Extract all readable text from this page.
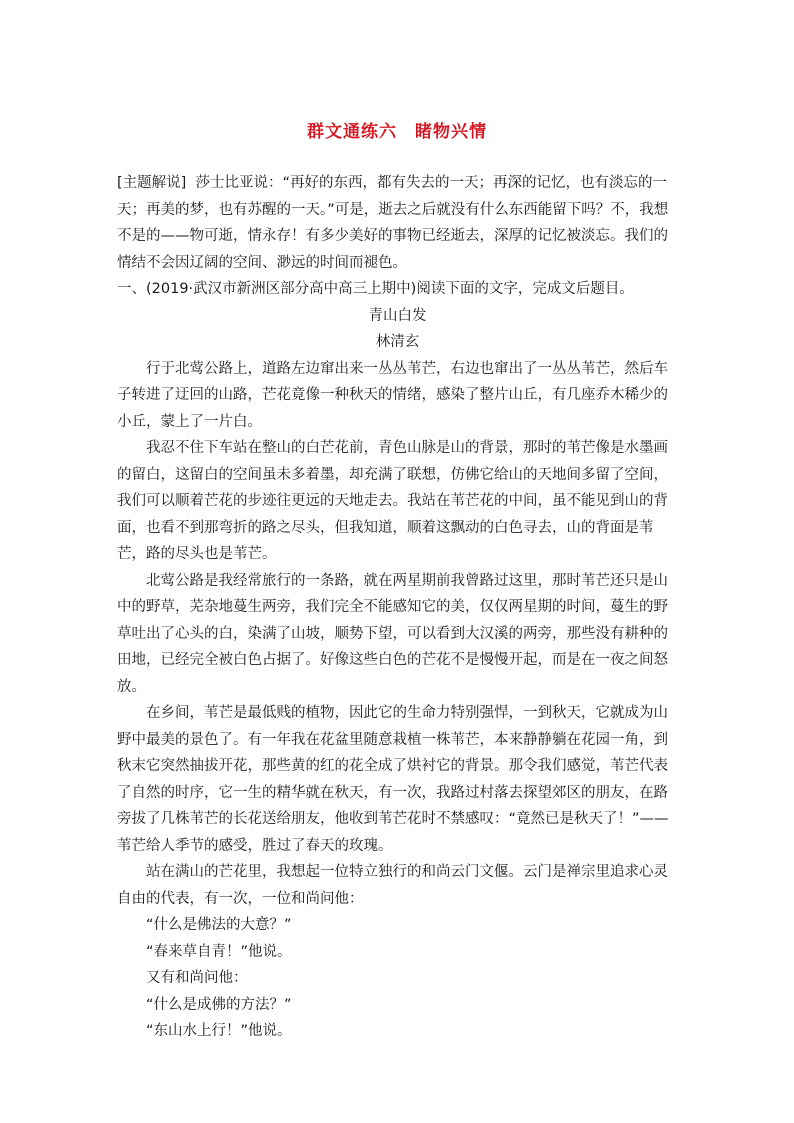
群文通练六 睹物兴情

[主题解说] 莎士比亚说：“再好的东西，都有失去的一天；再深的记忆，也有淡忘的一天；再美的梦，也有苏醒的一天。”可是，逝去之后就没有什么东西能留下吗？不，我想不是的——物可逝，情永存！有多少美好的事物已经逝去，深厚的记忆被淡忘。我们的情结不会因辽阔的空间、渺远的时间而褪色。

一、(2019·武汉市新洲区部分高中高三上期中)阅读下面的文字，完成文后题目。

青山白发

林清玄

行于北莺公路上，道路左边窜出来一丛丛苇芒，右边也窜出了一丛丛苇芒，然后车子转进了迂回的山路，芒花竟像一种秋天的情绪，感染了整片山丘，有几座乔木稀少的小丘，蒙上了一片白。

我忍不住下车站在整山的白芒花前，青色山脉是山的背景，那时的苇芒像是水墨画的留白，这留白的空间虽未多着墨，却充满了联想，仿佛它给山的天地间多留了空间，我们可以顺着芒花的步迹往更远的天地走去。我站在苇芒花的中间，虽不能见到山的背面，也看不到那弯折的路之尽头，但我知道，顺着这飘动的白色寻去，山的背面是苇芒，路的尽头也是苇芒。

北莺公路是我经常旅行的一条路，就在两星期前我曾路过这里，那时苇芒还只是山中的野草，芜杂地蔓生两旁，我们完全不能感知它的美，仅仅两星期的时间，蔓生的野草吐出了心头的白，染满了山坡，顺势下望，可以看到大汉溪的两旁，那些没有耕种的田地，已经完全被白色占据了。好像这些白色的芒花不是慢慢开起，而是在一夜之间怒放。

在乡间，苇芒是最低贱的植物，因此它的生命力特别强悍，一到秋天，它就成为山野中最美的景色了。有一年我在花盆里随意栽植一株苇芒，本来静静躺在花园一角，到秋末它突然抽拔开花，那些黄的红的花全成了烘衬它的背景。那令我们感觉，苇芒代表了自然的时序，它一生的精华就在秋天，有一次，我路过村落去探望郊区的朋友，在路旁拔了几株苇芒的长花送给朋友，他收到苇芒花时不禁感叹：“竟然已是秋天了！”——苇芒给人季节的感受，胜过了春天的玫瑰。

站在满山的芒花里，我想起一位特立独行的和尚云门文偃。云门是禅宗里追求心灵自由的代表，有一次，一位和尚问他：

“什么是佛法的大意？”

“春来草自青！”他说。

又有和尚问他：

“什么是成佛的方法？”

“东山水上行！”他说。
